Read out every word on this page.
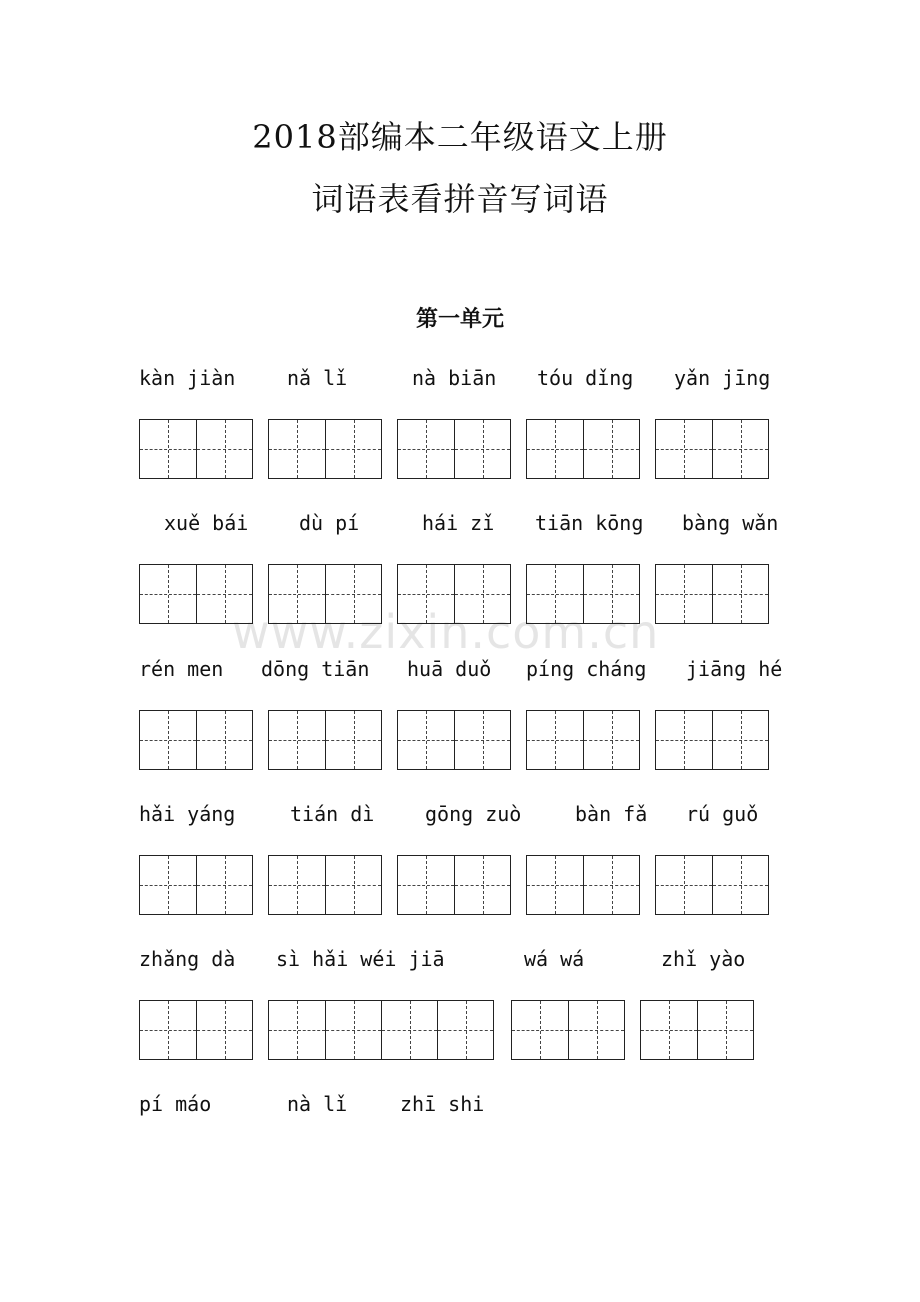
2018部编本二年级语文上册
词语表看拼音写词语
第一单元
www.zixin.com.cn
kàn jiàn	nǎ lǐ	nà biān tóu dǐng yǎn jīng
xuě bái	dù pí	hái zǐ tiān kōng bàng wǎn
rén men dōng tiān huā duǒ píng cháng jiāng hé
hǎi yáng	tián dì	gōng zuò	bàn fǎ rú guǒ
zhǎng dà sì hǎi wéi jiā	wá wá	zhǐ yào
pí máo	nà lǐ	zhī shi
